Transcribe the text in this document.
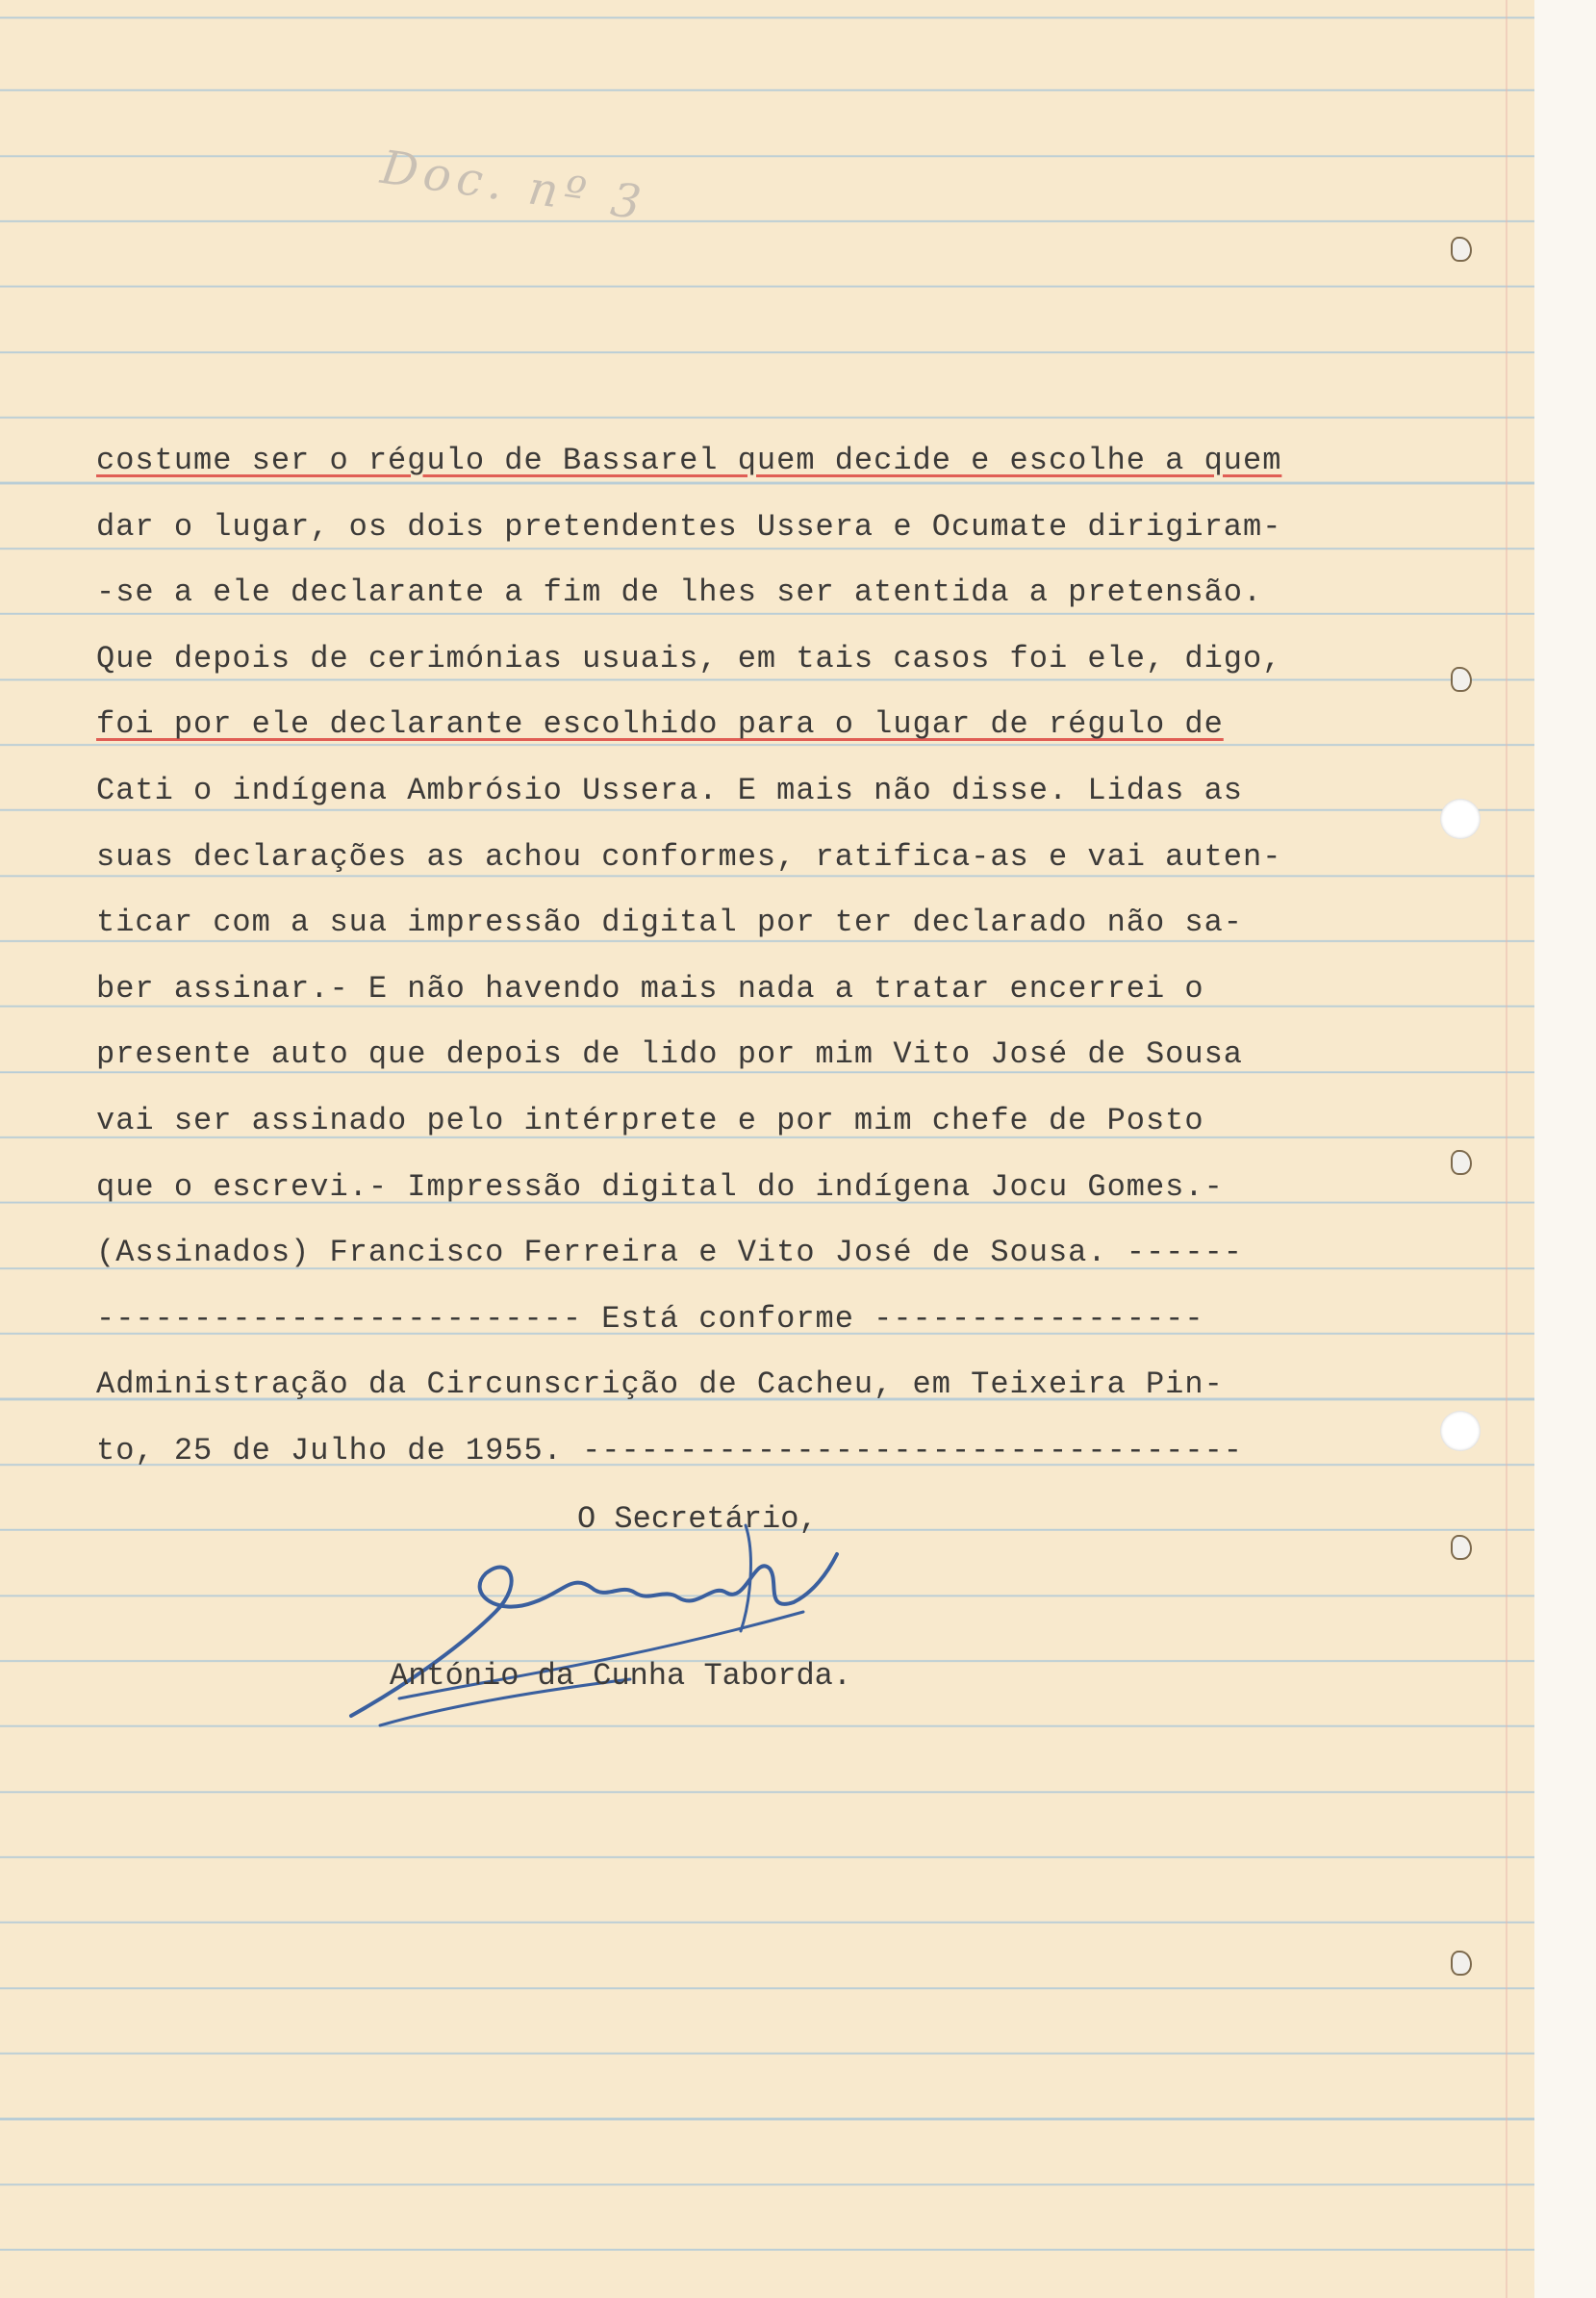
Doc. nº 3
costume ser o régulo de Bassarel quem decide e escolhe a quem
dar o lugar, os dois pretendentes Ussera e Ocumate dirigiram-
-se a ele declarante a fim de lhes ser atentida a pretensão.
Que depois de cerimónias usuais, em tais casos foi ele, digo,
foi por ele declarante escolhido para o lugar de régulo de
Cati o indígena Ambrósio Ussera. E mais não disse. Lidas as
suas declarações as achou conformes, ratifica-as e vai auten-
ticar com a sua impressão digital por ter declarado não sa-
ber assinar.- E não havendo mais nada a tratar encerrei o
presente auto que depois de lido por mim Vito José de Sousa
vai ser assinado pelo intérprete e por mim chefe de Posto
que o escrevi.- Impressão digital do indígena Jocu Gomes.-
(Assinados) Francisco Ferreira e Vito José de Sousa. ------
------------------------- Está conforme -----------------
Administração da Circunscrição de Cacheu, em Teixeira Pin-
to, 25 de Julho de 1955. ----------------------------------
O Secretário,
António da Cunha Taborda.
